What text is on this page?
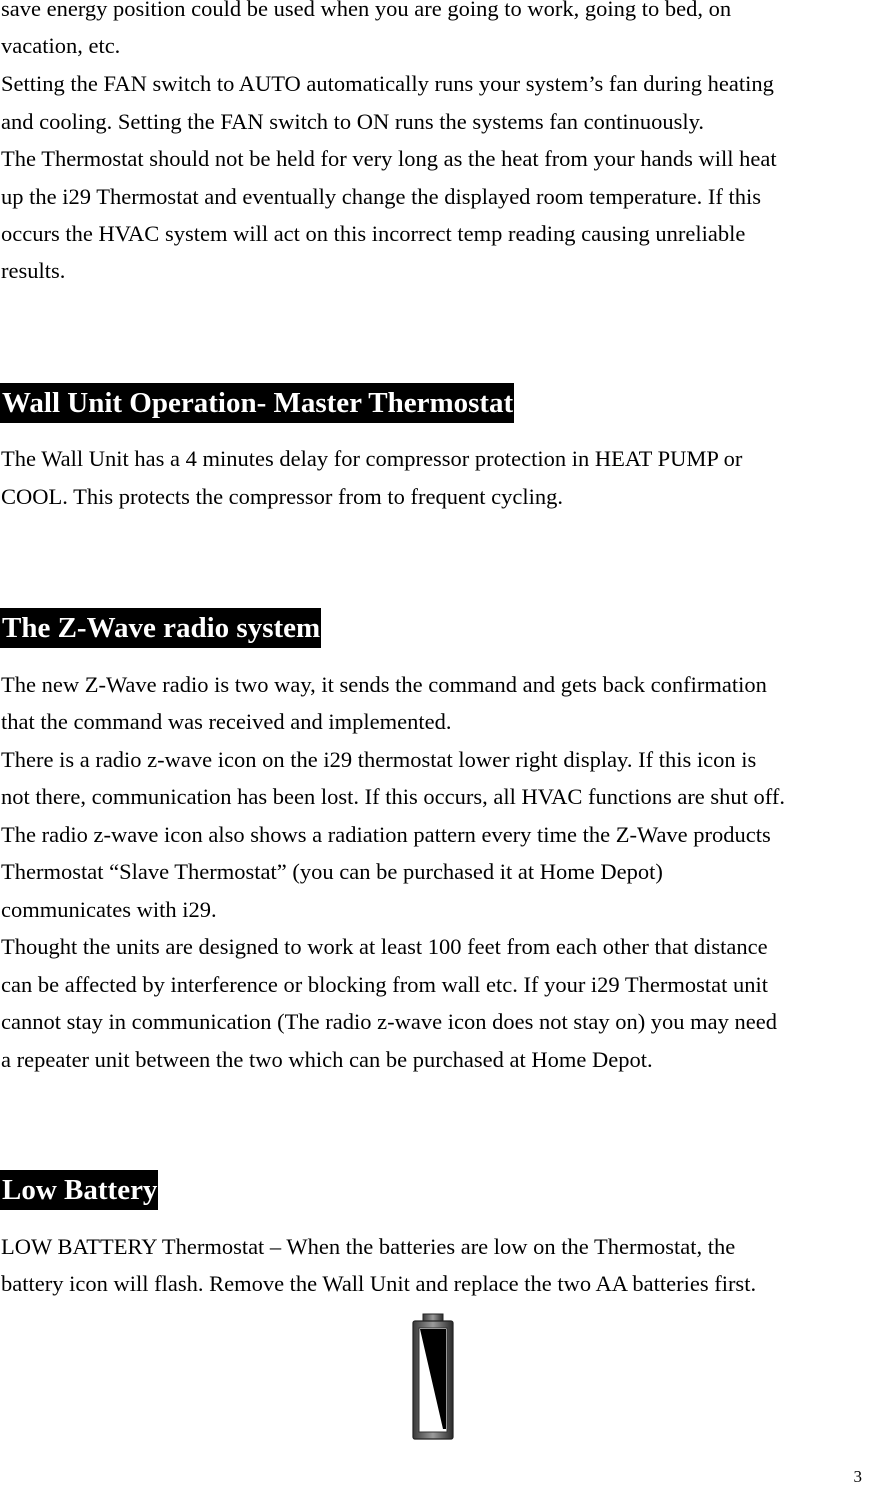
save energy position could be used when you are going to work, going to bed, on

vacation, etc.

Setting the FAN switch to AUTO automatically runs your system’s fan during heating

and cooling. Setting the FAN switch to ON runs the systems fan continuously.

The Thermostat should not be held for very long as the heat from your hands will heat

up the i29 Thermostat and eventually change the displayed room temperature. If this

occurs the HVAC system will act on this incorrect temp reading causing unreliable

results.

Wall Unit Operation- Master Thermostat

The Wall Unit has a 4 minutes delay for compressor protection in HEAT PUMP or

COOL. This protects the compressor from to frequent cycling.

The Z-Wave radio system

The new Z-Wave radio is two way, it sends the command and gets back confirmation

that the command was received and implemented.

There is a radio z-wave icon on the i29 thermostat lower right display. If this icon is

not there, communication has been lost. If this occurs, all HVAC functions are shut off.

The radio z-wave icon also shows a radiation pattern every time the Z-Wave products

Thermostat “Slave Thermostat” (you can be purchased it at Home Depot)

communicates with i29.

Thought the units are designed to work at least 100 feet from each other that distance

can be affected by interference or blocking from wall etc. If your i29 Thermostat unit

cannot stay in communication (The radio z-wave icon does not stay on) you may need

a repeater unit between the two which can be purchased at Home Depot.

Low Battery

LOW BATTERY Thermostat – When the batteries are low on the Thermostat, the

battery icon will flash. Remove the Wall Unit and replace the two AA batteries first.

3
